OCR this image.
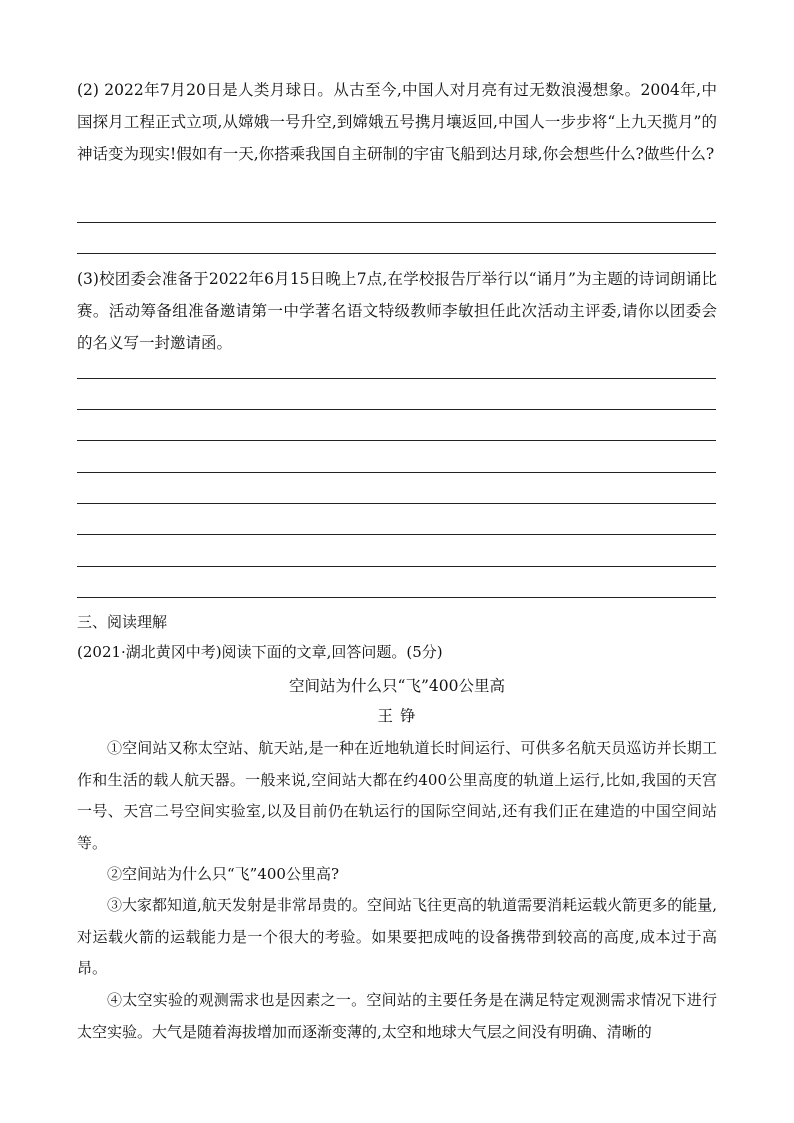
(2) 2022年7月20日是人类月球日。从古至今,中国人对月亮有过无数浪漫想象。2004年,中国探月工程正式立项,从嫦娥一号升空,到嫦娥五号携月壤返回,中国人一步步将“上九天揽月”的神话变为现实!假如有一天,你搭乘我国自主研制的宇宙飞船到达月球,你会想些什么?做些什么?

(3)校团委会准备于2022年6月15日晚上7点,在学校报告厅举行以“诵月”为主题的诗词朗诵比赛。活动筹备组准备邀请第一中学著名语文特级教师李敏担任此次活动主评委,请你以团委会的名义写一封邀请函。

三、阅读理解

(2021·湖北黄冈中考)阅读下面的文章,回答问题。(5分)

空间站为什么只“飞”400公里高

王 铮

①空间站又称太空站、航天站,是一种在近地轨道长时间运行、可供多名航天员巡访并长期工作和生活的载人航天器。一般来说,空间站大都在约400公里高度的轨道上运行,比如,我国的天宫一号、天宫二号空间实验室,以及目前仍在轨运行的国际空间站,还有我们正在建造的中国空间站等。

②空间站为什么只“飞”400公里高?

③大家都知道,航天发射是非常昂贵的。空间站飞往更高的轨道需要消耗运载火箭更多的能量,对运载火箭的运载能力是一个很大的考验。如果要把成吨的设备携带到较高的高度,成本过于高昂。

④太空实验的观测需求也是因素之一。空间站的主要任务是在满足特定观测需求情况下进行太空实验。大气是随着海拔增加而逐渐变薄的,太空和地球大气层之间没有明确、清晰的
